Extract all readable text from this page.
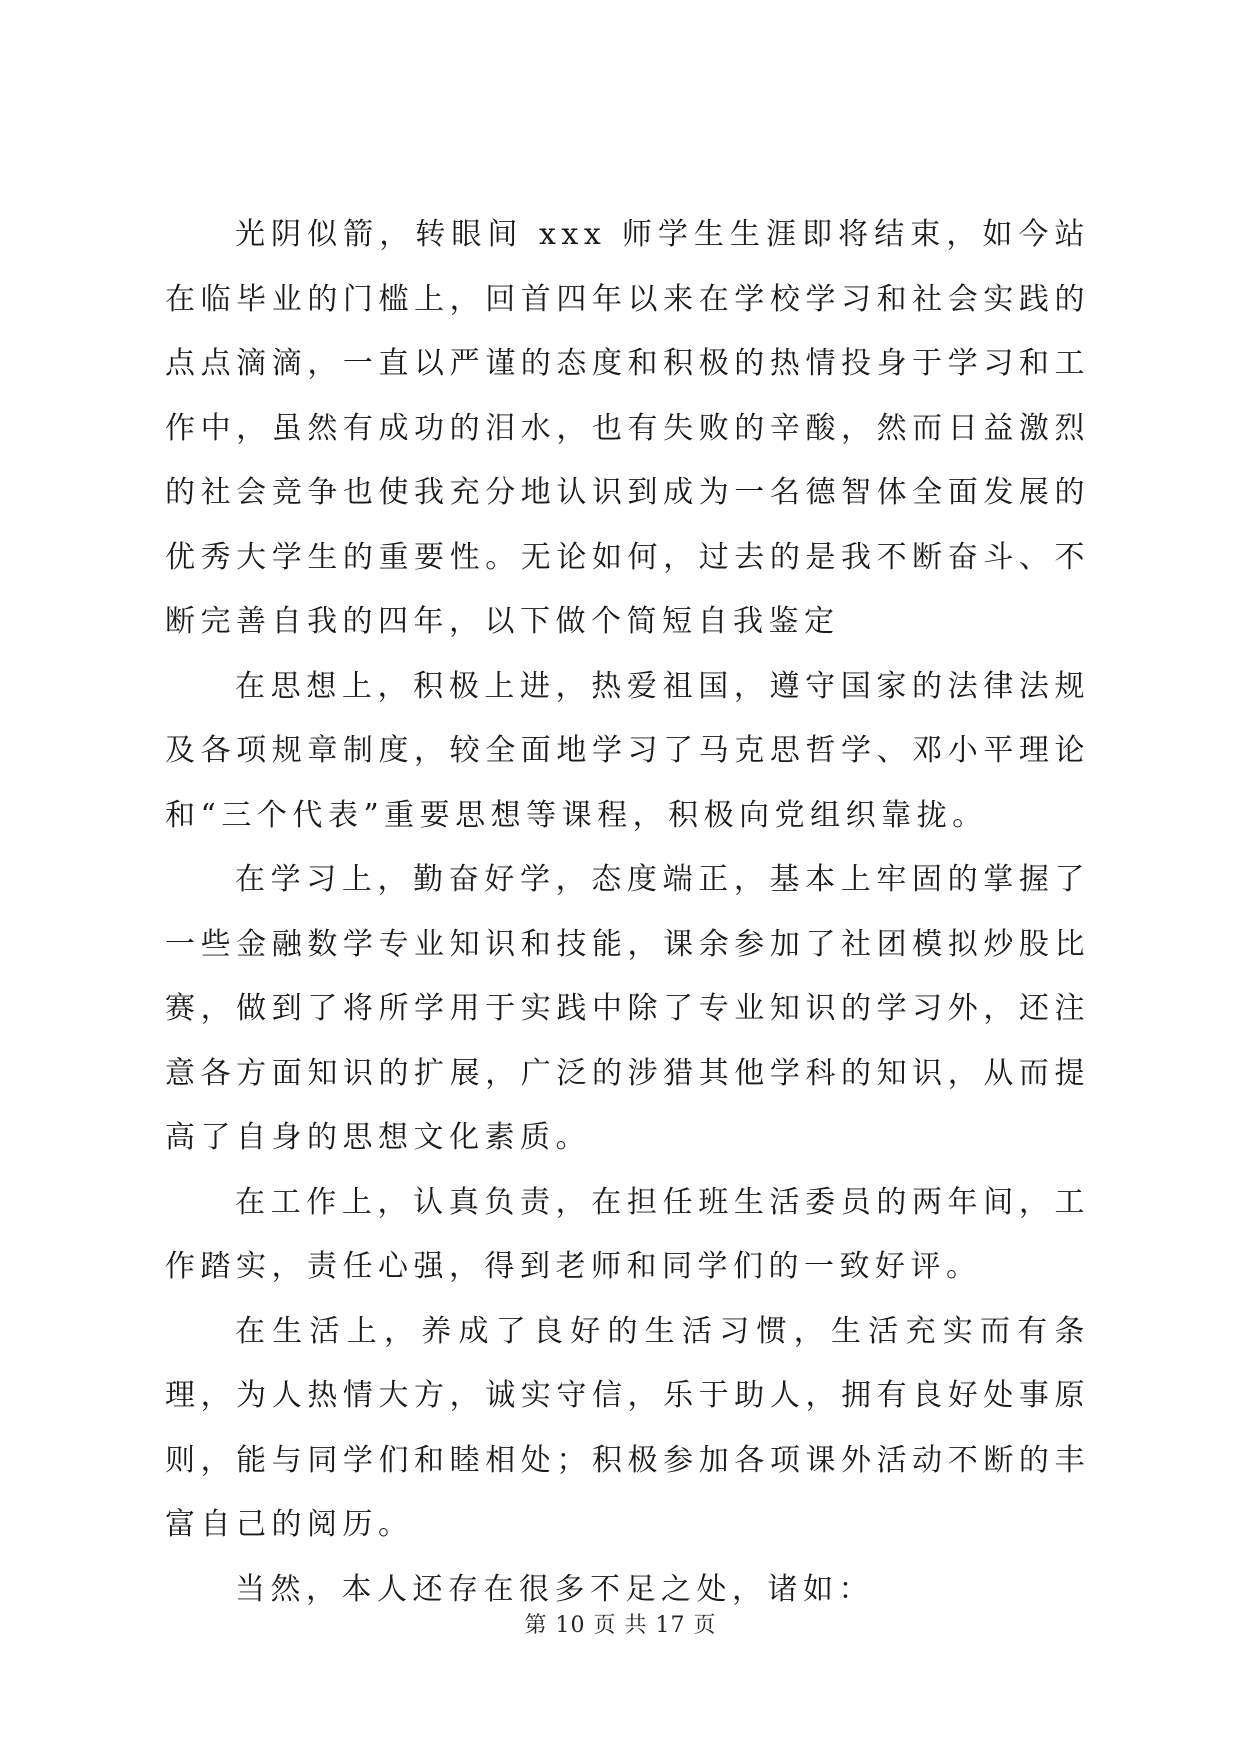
光阴似箭，转眼间 xxx 师学生生涯即将结束，如今站在临毕业的门槛上，回首四年以来在学校学习和社会实践的点点滴滴，一直以严谨的态度和积极的热情投身于学习和工作中，虽然有成功的泪水，也有失败的辛酸，然而日益激烈的社会竞争也使我充分地认识到成为一名德智体全面发展的优秀大学生的重要性。无论如何，过去的是我不断奋斗、不断完善自我的四年，以下做个简短自我鉴定

在思想上，积极上进，热爱祖国，遵守国家的法律法规及各项规章制度，较全面地学习了马克思哲学、邓小平理论和“三个代表”重要思想等课程，积极向党组织靠拢。

在学习上，勤奋好学，态度端正，基本上牢固的掌握了一些金融数学专业知识和技能，课余参加了社团模拟炒股比赛，做到了将所学用于实践中除了专业知识的学习外，还注意各方面知识的扩展，广泛的涉猎其他学科的知识，从而提高了自身的思想文化素质。

在工作上，认真负责，在担任班生活委员的两年间，工作踏实，责任心强，得到老师和同学们的一致好评。

在生活上，养成了良好的生活习惯，生活充实而有条理，为人热情大方，诚实守信，乐于助人，拥有良好处事原则，能与同学们和睦相处；积极参加各项课外活动不断的丰富自己的阅历。

当然，本人还存在很多不足之处，诸如：

第 10 页 共 17 页
